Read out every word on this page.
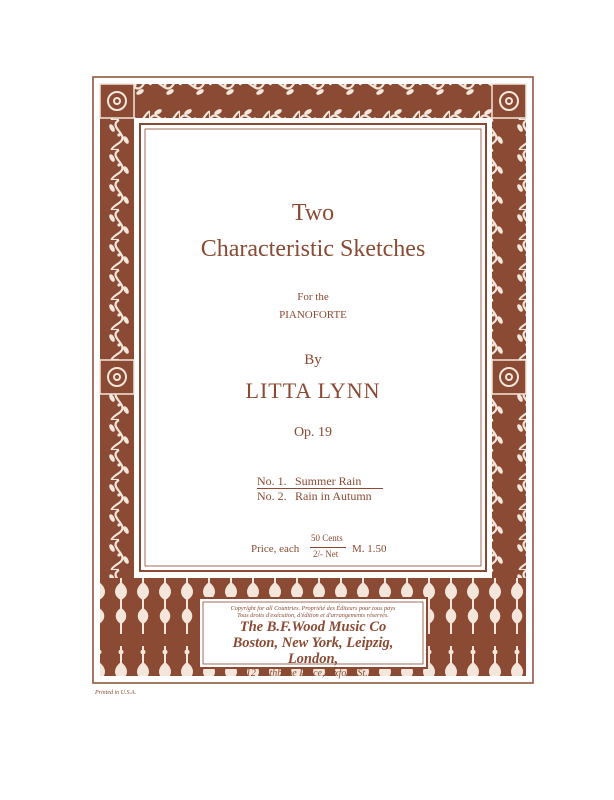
Two
Characteristic Sketches
For the
PIANOFORTE
By
LITTA LYNN
Op. 19
No. 1. Summer Rain
No. 2. Rain in Autumn
Price, each
50 Cents
2/- Net M. 1.50
Copyright for all Countries. Propriété des Éditeurs pour tous pays
Tous droits d'exécution, d'édition et d'arrangements réservés.
The B.F.Wood Music Co
Boston, New York, Leipzig,
London,
12 Rathbone Place, Oxford St. W.
Printed in U.S.A.
